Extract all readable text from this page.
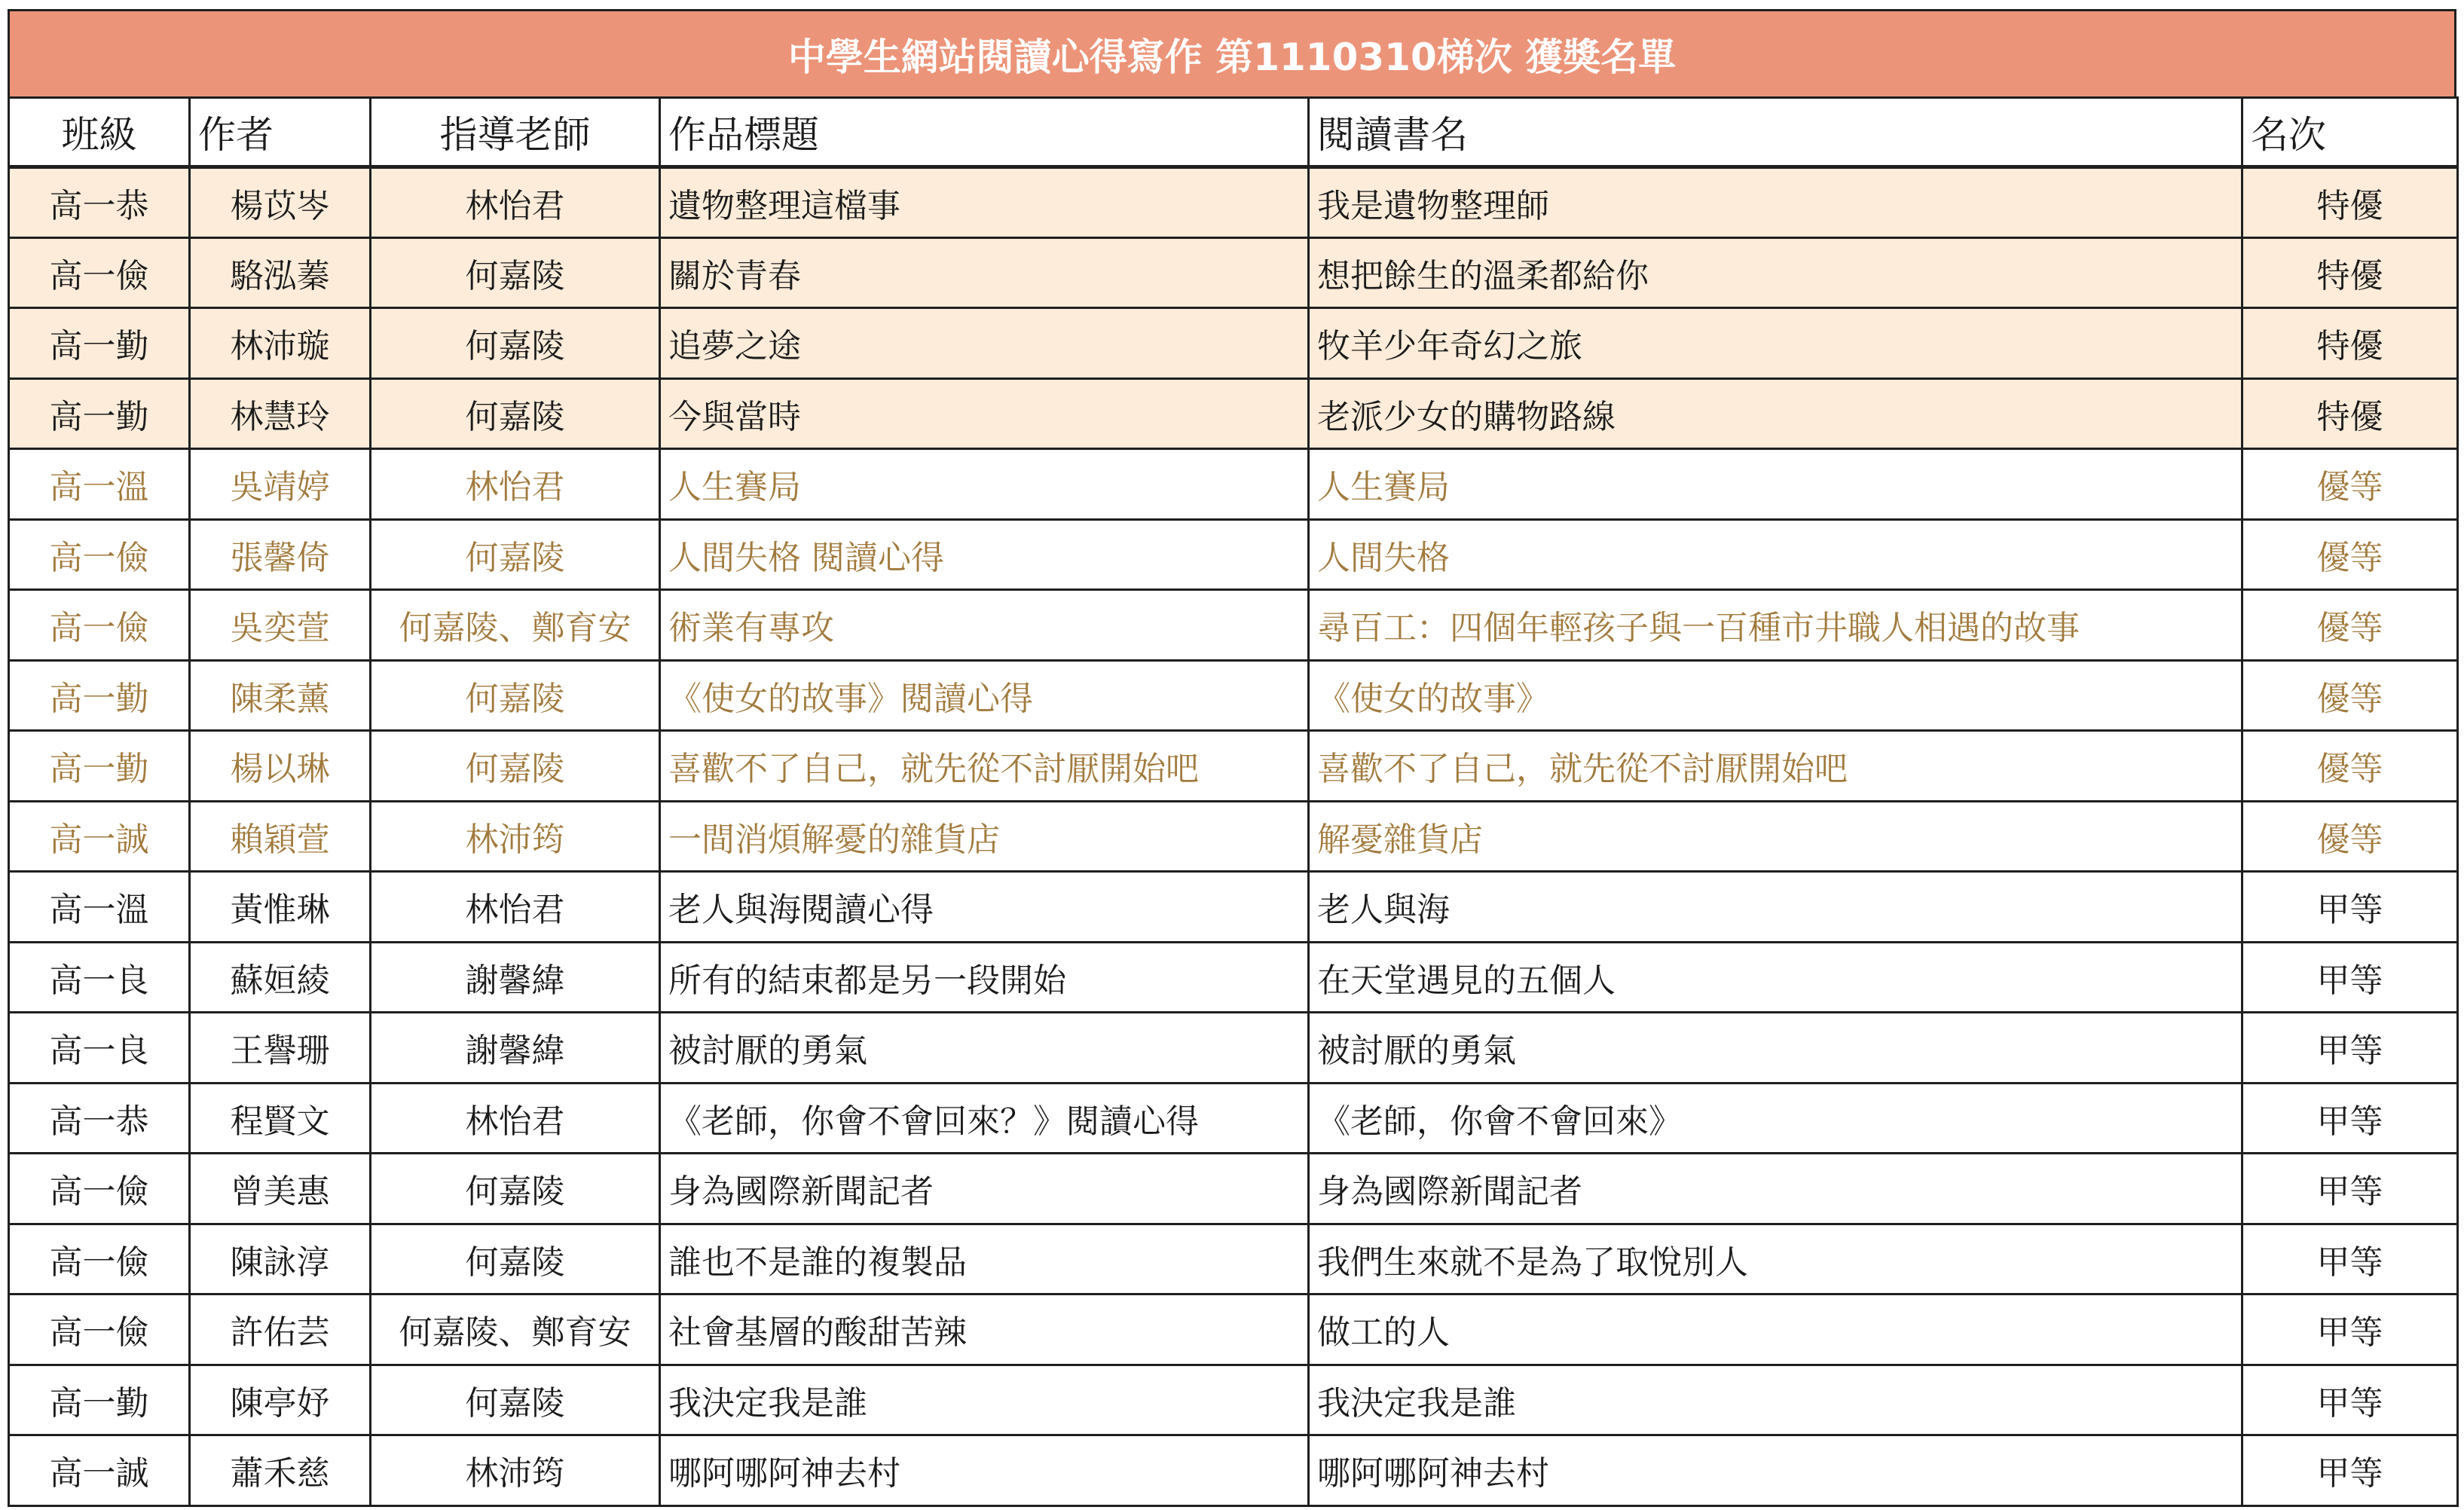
中學生網站閱讀心得寫作 第1110310梯次 獲獎名單
班級	作者	指導老師	作品標題	閱讀書名	名次
高一恭	楊苡岑	林怡君	遺物整理這檔事	我是遺物整理師	特優
高一儉	駱泓蓁	何嘉陵	關於青春	想把餘生的溫柔都給你	特優
高一勤	林沛璇	何嘉陵	追夢之途	牧羊少年奇幻之旅	特優
高一勤	林慧玲	何嘉陵	今與當時	老派少女的購物路線	特優
高一溫	吳靖婷	林怡君	人生賽局	人生賽局	優等
高一儉	張馨倚	何嘉陵	人間失格 閱讀心得	人間失格	優等
高一儉	吳奕萱	何嘉陵、鄭育安	術業有專攻	尋百工：四個年輕孩子與一百種市井職人相遇的故事	優等
高一勤	陳柔薰	何嘉陵	《使女的故事》閱讀心得	《使女的故事》	優等
高一勤	楊以琳	何嘉陵	喜歡不了自己，就先從不討厭開始吧	喜歡不了自己，就先從不討厭開始吧	優等
高一誠	賴穎萱	林沛筠	一間消煩解憂的雜貨店	解憂雜貨店	優等
高一溫	黃惟琳	林怡君	老人與海閱讀心得	老人與海	甲等
高一良	蘇姮綾	謝馨緯	所有的結束都是另一段開始	在天堂遇見的五個人	甲等
高一良	王譽珊	謝馨緯	被討厭的勇氣	被討厭的勇氣	甲等
高一恭	程賢文	林怡君	《老師，你會不會回來？》閱讀心得	《老師，你會不會回來》	甲等
高一儉	曾美惠	何嘉陵	身為國際新聞記者	身為國際新聞記者	甲等
高一儉	陳詠淳	何嘉陵	誰也不是誰的複製品	我們生來就不是為了取悅別人	甲等
高一儉	許佑芸	何嘉陵、鄭育安	社會基層的酸甜苦辣	做工的人	甲等
高一勤	陳亭妤	何嘉陵	我決定我是誰	我決定我是誰	甲等
高一誠	蕭禾慈	林沛筠	哪阿哪阿神去村	哪阿哪阿神去村	甲等
